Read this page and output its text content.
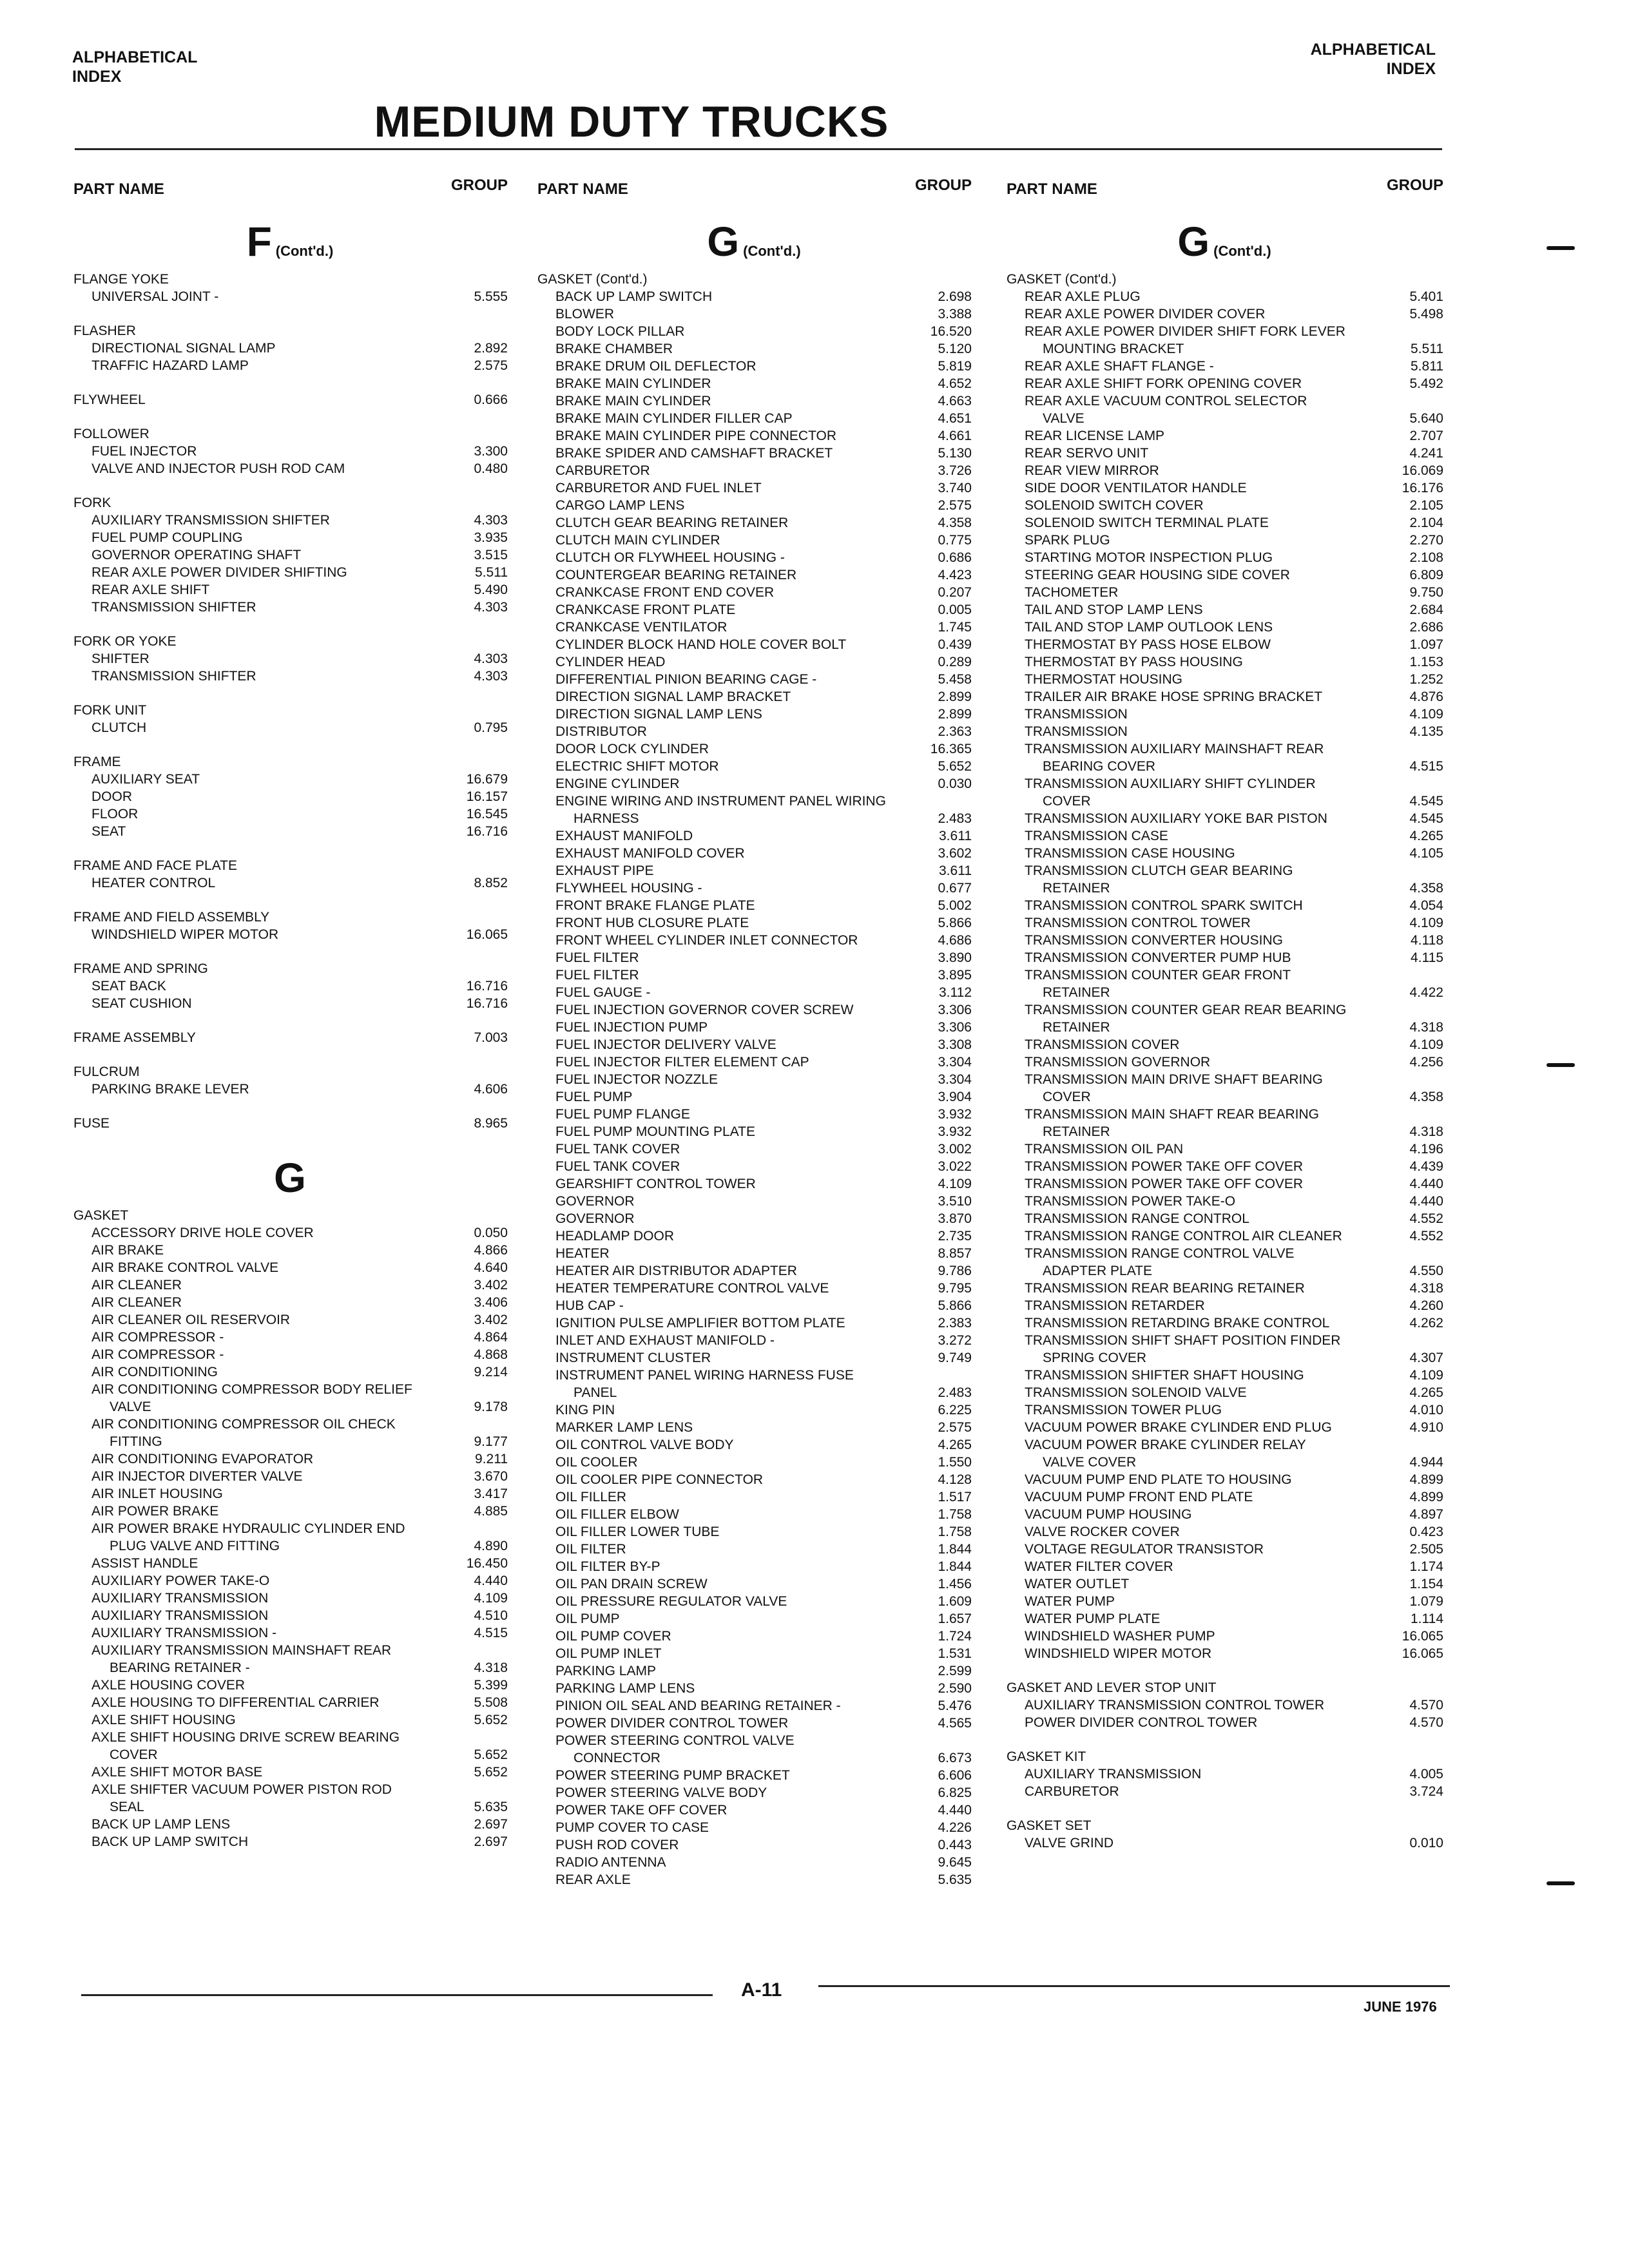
ALPHABETICAL
INDEX
ALPHABETICAL
INDEX
MEDIUM DUTY TRUCKS
PART NAME	GROUP
F (Cont'd.)
FLANGE YOKE
UNIVERSAL JOINT -	5.555
FLASHER
DIRECTIONAL SIGNAL LAMP	2.892
TRAFFIC HAZARD LAMP	2.575
FLYWHEEL	0.666
FOLLOWER
FUEL INJECTOR	3.300
VALVE AND INJECTOR PUSH ROD CAM	0.480
FORK
AUXILIARY TRANSMISSION SHIFTER	4.303
FUEL PUMP COUPLING	3.935
GOVERNOR OPERATING SHAFT	3.515
REAR AXLE POWER DIVIDER SHIFTING	5.511
REAR AXLE SHIFT	5.490
TRANSMISSION SHIFTER	4.303
FORK OR YOKE
SHIFTER	4.303
TRANSMISSION SHIFTER	4.303
FORK UNIT
CLUTCH	0.795
FRAME
AUXILIARY SEAT	16.679
DOOR	16.157
FLOOR	16.545
SEAT	16.716
FRAME AND FACE PLATE
HEATER CONTROL	8.852
FRAME AND FIELD ASSEMBLY
WINDSHIELD WIPER MOTOR	16.065
FRAME AND SPRING
SEAT BACK	16.716
SEAT CUSHION	16.716
FRAME ASSEMBLY	7.003
FULCRUM
PARKING BRAKE LEVER	4.606
FUSE	8.965
G
GASKET
ACCESSORY DRIVE HOLE COVER	0.050
AIR BRAKE	4.866
AIR BRAKE CONTROL VALVE	4.640
AIR CLEANER	3.402
AIR CLEANER	3.406
AIR CLEANER OIL RESERVOIR	3.402
AIR COMPRESSOR -	4.864
AIR COMPRESSOR -	4.868
AIR CONDITIONING	9.214
AIR CONDITIONING COMPRESSOR BODY RELIEF
VALVE	9.178
AIR CONDITIONING COMPRESSOR OIL CHECK
FITTING	9.177
AIR CONDITIONING EVAPORATOR	9.211
AIR INJECTOR DIVERTER VALVE	3.670
AIR INLET HOUSING	3.417
AIR POWER BRAKE	4.885
AIR POWER BRAKE HYDRAULIC CYLINDER END
PLUG VALVE AND FITTING	4.890
ASSIST HANDLE	16.450
AUXILIARY POWER TAKE-O	4.440
AUXILIARY TRANSMISSION	4.109
AUXILIARY TRANSMISSION	4.510
AUXILIARY TRANSMISSION -	4.515
AUXILIARY TRANSMISSION MAINSHAFT REAR
BEARING RETAINER -	4.318
AXLE HOUSING COVER	5.399
AXLE HOUSING TO DIFFERENTIAL CARRIER	5.508
AXLE SHIFT HOUSING	5.652
AXLE SHIFT HOUSING DRIVE SCREW BEARING
COVER	5.652
AXLE SHIFT MOTOR BASE	5.652
AXLE SHIFTER VACUUM POWER PISTON ROD
SEAL	5.635
BACK UP LAMP LENS	2.697
BACK UP LAMP SWITCH	2.697
PART NAME	GROUP
G (Cont'd.)
GASKET (Cont'd.)
BACK UP LAMP SWITCH	2.698
BLOWER	3.388
BODY LOCK PILLAR	16.520
BRAKE CHAMBER	5.120
BRAKE DRUM OIL DEFLECTOR	5.819
BRAKE MAIN CYLINDER	4.652
BRAKE MAIN CYLINDER	4.663
BRAKE MAIN CYLINDER FILLER CAP	4.651
BRAKE MAIN CYLINDER PIPE CONNECTOR	4.661
BRAKE SPIDER AND CAMSHAFT BRACKET	5.130
CARBURETOR	3.726
CARBURETOR AND FUEL INLET	3.740
CARGO LAMP LENS	2.575
CLUTCH GEAR BEARING RETAINER	4.358
CLUTCH MAIN CYLINDER	0.775
CLUTCH OR FLYWHEEL HOUSING -	0.686
COUNTERGEAR BEARING RETAINER	4.423
CRANKCASE FRONT END COVER	0.207
CRANKCASE FRONT PLATE	0.005
CRANKCASE VENTILATOR	1.745
CYLINDER BLOCK HAND HOLE COVER BOLT	0.439
CYLINDER HEAD	0.289
DIFFERENTIAL PINION BEARING CAGE -	5.458
DIRECTION SIGNAL LAMP BRACKET	2.899
DIRECTION SIGNAL LAMP LENS	2.899
DISTRIBUTOR	2.363
DOOR LOCK CYLINDER	16.365
ELECTRIC SHIFT MOTOR	5.652
ENGINE CYLINDER	0.030
ENGINE WIRING AND INSTRUMENT PANEL WIRING
HARNESS	2.483
EXHAUST MANIFOLD	3.611
EXHAUST MANIFOLD COVER	3.602
EXHAUST PIPE	3.611
FLYWHEEL HOUSING -	0.677
FRONT BRAKE FLANGE PLATE	5.002
FRONT HUB CLOSURE PLATE	5.866
FRONT WHEEL CYLINDER INLET CONNECTOR	4.686
FUEL FILTER	3.890
FUEL FILTER	3.895
FUEL GAUGE -	3.112
FUEL INJECTION GOVERNOR COVER SCREW	3.306
FUEL INJECTION PUMP	3.306
FUEL INJECTOR DELIVERY VALVE	3.308
FUEL INJECTOR FILTER ELEMENT CAP	3.304
FUEL INJECTOR NOZZLE	3.304
FUEL PUMP	3.904
FUEL PUMP FLANGE	3.932
FUEL PUMP MOUNTING PLATE	3.932
FUEL TANK COVER	3.002
FUEL TANK COVER	3.022
GEARSHIFT CONTROL TOWER	4.109
GOVERNOR	3.510
GOVERNOR	3.870
HEADLAMP DOOR	2.735
HEATER	8.857
HEATER AIR DISTRIBUTOR ADAPTER	9.786
HEATER TEMPERATURE CONTROL VALVE	9.795
HUB CAP -	5.866
IGNITION PULSE AMPLIFIER BOTTOM PLATE	2.383
INLET AND EXHAUST MANIFOLD -	3.272
INSTRUMENT CLUSTER	9.749
INSTRUMENT PANEL WIRING HARNESS FUSE
PANEL	2.483
KING PIN	6.225
MARKER LAMP LENS	2.575
OIL CONTROL VALVE BODY	4.265
OIL COOLER	1.550
OIL COOLER PIPE CONNECTOR	4.128
OIL FILLER	1.517
OIL FILLER ELBOW	1.758
OIL FILLER LOWER TUBE	1.758
OIL FILTER	1.844
OIL FILTER BY-P	1.844
OIL PAN DRAIN SCREW	1.456
OIL PRESSURE REGULATOR VALVE	1.609
OIL PUMP	1.657
OIL PUMP COVER	1.724
OIL PUMP INLET	1.531
PARKING LAMP	2.599
PARKING LAMP LENS	2.590
PINION OIL SEAL AND BEARING RETAINER -	5.476
POWER DIVIDER CONTROL TOWER	4.565
POWER STEERING CONTROL VALVE
CONNECTOR	6.673
POWER STEERING PUMP BRACKET	6.606
POWER STEERING VALVE BODY	6.825
POWER TAKE OFF COVER	4.440
PUMP COVER TO CASE	4.226
PUSH ROD COVER	0.443
RADIO ANTENNA	9.645
REAR AXLE	5.635
PART NAME	GROUP
G (Cont'd.)
GASKET (Cont'd.)
REAR AXLE PLUG	5.401
REAR AXLE POWER DIVIDER COVER	5.498
REAR AXLE POWER DIVIDER SHIFT FORK LEVER
MOUNTING BRACKET	5.511
REAR AXLE SHAFT FLANGE -	5.811
REAR AXLE SHIFT FORK OPENING COVER	5.492
REAR AXLE VACUUM CONTROL SELECTOR
VALVE	5.640
REAR LICENSE LAMP	2.707
REAR SERVO UNIT	4.241
REAR VIEW MIRROR	16.069
SIDE DOOR VENTILATOR HANDLE	16.176
SOLENOID SWITCH COVER	2.105
SOLENOID SWITCH TERMINAL PLATE	2.104
SPARK PLUG	2.270
STARTING MOTOR INSPECTION PLUG	2.108
STEERING GEAR HOUSING SIDE COVER	6.809
TACHOMETER	9.750
TAIL AND STOP LAMP LENS	2.684
TAIL AND STOP LAMP OUTLOOK LENS	2.686
THERMOSTAT BY PASS HOSE ELBOW	1.097
THERMOSTAT BY PASS HOUSING	1.153
THERMOSTAT HOUSING	1.252
TRAILER AIR BRAKE HOSE SPRING BRACKET	4.876
TRANSMISSION	4.109
TRANSMISSION	4.135
TRANSMISSION AUXILIARY MAINSHAFT REAR
BEARING COVER	4.515
TRANSMISSION AUXILIARY SHIFT CYLINDER
COVER	4.545
TRANSMISSION AUXILIARY YOKE BAR PISTON	4.545
TRANSMISSION CASE	4.265
TRANSMISSION CASE HOUSING	4.105
TRANSMISSION CLUTCH GEAR BEARING
RETAINER	4.358
TRANSMISSION CONTROL SPARK SWITCH	4.054
TRANSMISSION CONTROL TOWER	4.109
TRANSMISSION CONVERTER HOUSING	4.118
TRANSMISSION CONVERTER PUMP HUB	4.115
TRANSMISSION COUNTER GEAR FRONT
RETAINER	4.422
TRANSMISSION COUNTER GEAR REAR BEARING
RETAINER	4.318
TRANSMISSION COVER	4.109
TRANSMISSION GOVERNOR	4.256
TRANSMISSION MAIN DRIVE SHAFT BEARING
COVER	4.358
TRANSMISSION MAIN SHAFT REAR BEARING
RETAINER	4.318
TRANSMISSION OIL PAN	4.196
TRANSMISSION POWER TAKE OFF COVER	4.439
TRANSMISSION POWER TAKE OFF COVER	4.440
TRANSMISSION POWER TAKE-O	4.440
TRANSMISSION RANGE CONTROL	4.552
TRANSMISSION RANGE CONTROL AIR CLEANER	4.552
TRANSMISSION RANGE CONTROL VALVE
ADAPTER PLATE	4.550
TRANSMISSION REAR BEARING RETAINER	4.318
TRANSMISSION RETARDER	4.260
TRANSMISSION RETARDING BRAKE CONTROL	4.262
TRANSMISSION SHIFT SHAFT POSITION FINDER
SPRING COVER	4.307
TRANSMISSION SHIFTER SHAFT HOUSING	4.109
TRANSMISSION SOLENOID VALVE	4.265
TRANSMISSION TOWER PLUG	4.010
VACUUM POWER BRAKE CYLINDER END PLUG	4.910
VACUUM POWER BRAKE CYLINDER RELAY
VALVE COVER	4.944
VACUUM PUMP END PLATE TO HOUSING	4.899
VACUUM PUMP FRONT END PLATE	4.899
VACUUM PUMP HOUSING	4.897
VALVE ROCKER COVER	0.423
VOLTAGE REGULATOR TRANSISTOR	2.505
WATER FILTER COVER	1.174
WATER OUTLET	1.154
WATER PUMP	1.079
WATER PUMP PLATE	1.114
WINDSHIELD WASHER PUMP	16.065
WINDSHIELD WIPER MOTOR	16.065
GASKET AND LEVER STOP UNIT
AUXILIARY TRANSMISSION CONTROL TOWER	4.570
POWER DIVIDER CONTROL TOWER	4.570
GASKET KIT
AUXILIARY TRANSMISSION	4.005
CARBURETOR	3.724
GASKET SET
VALVE GRIND	0.010
A-11
JUNE 1976
